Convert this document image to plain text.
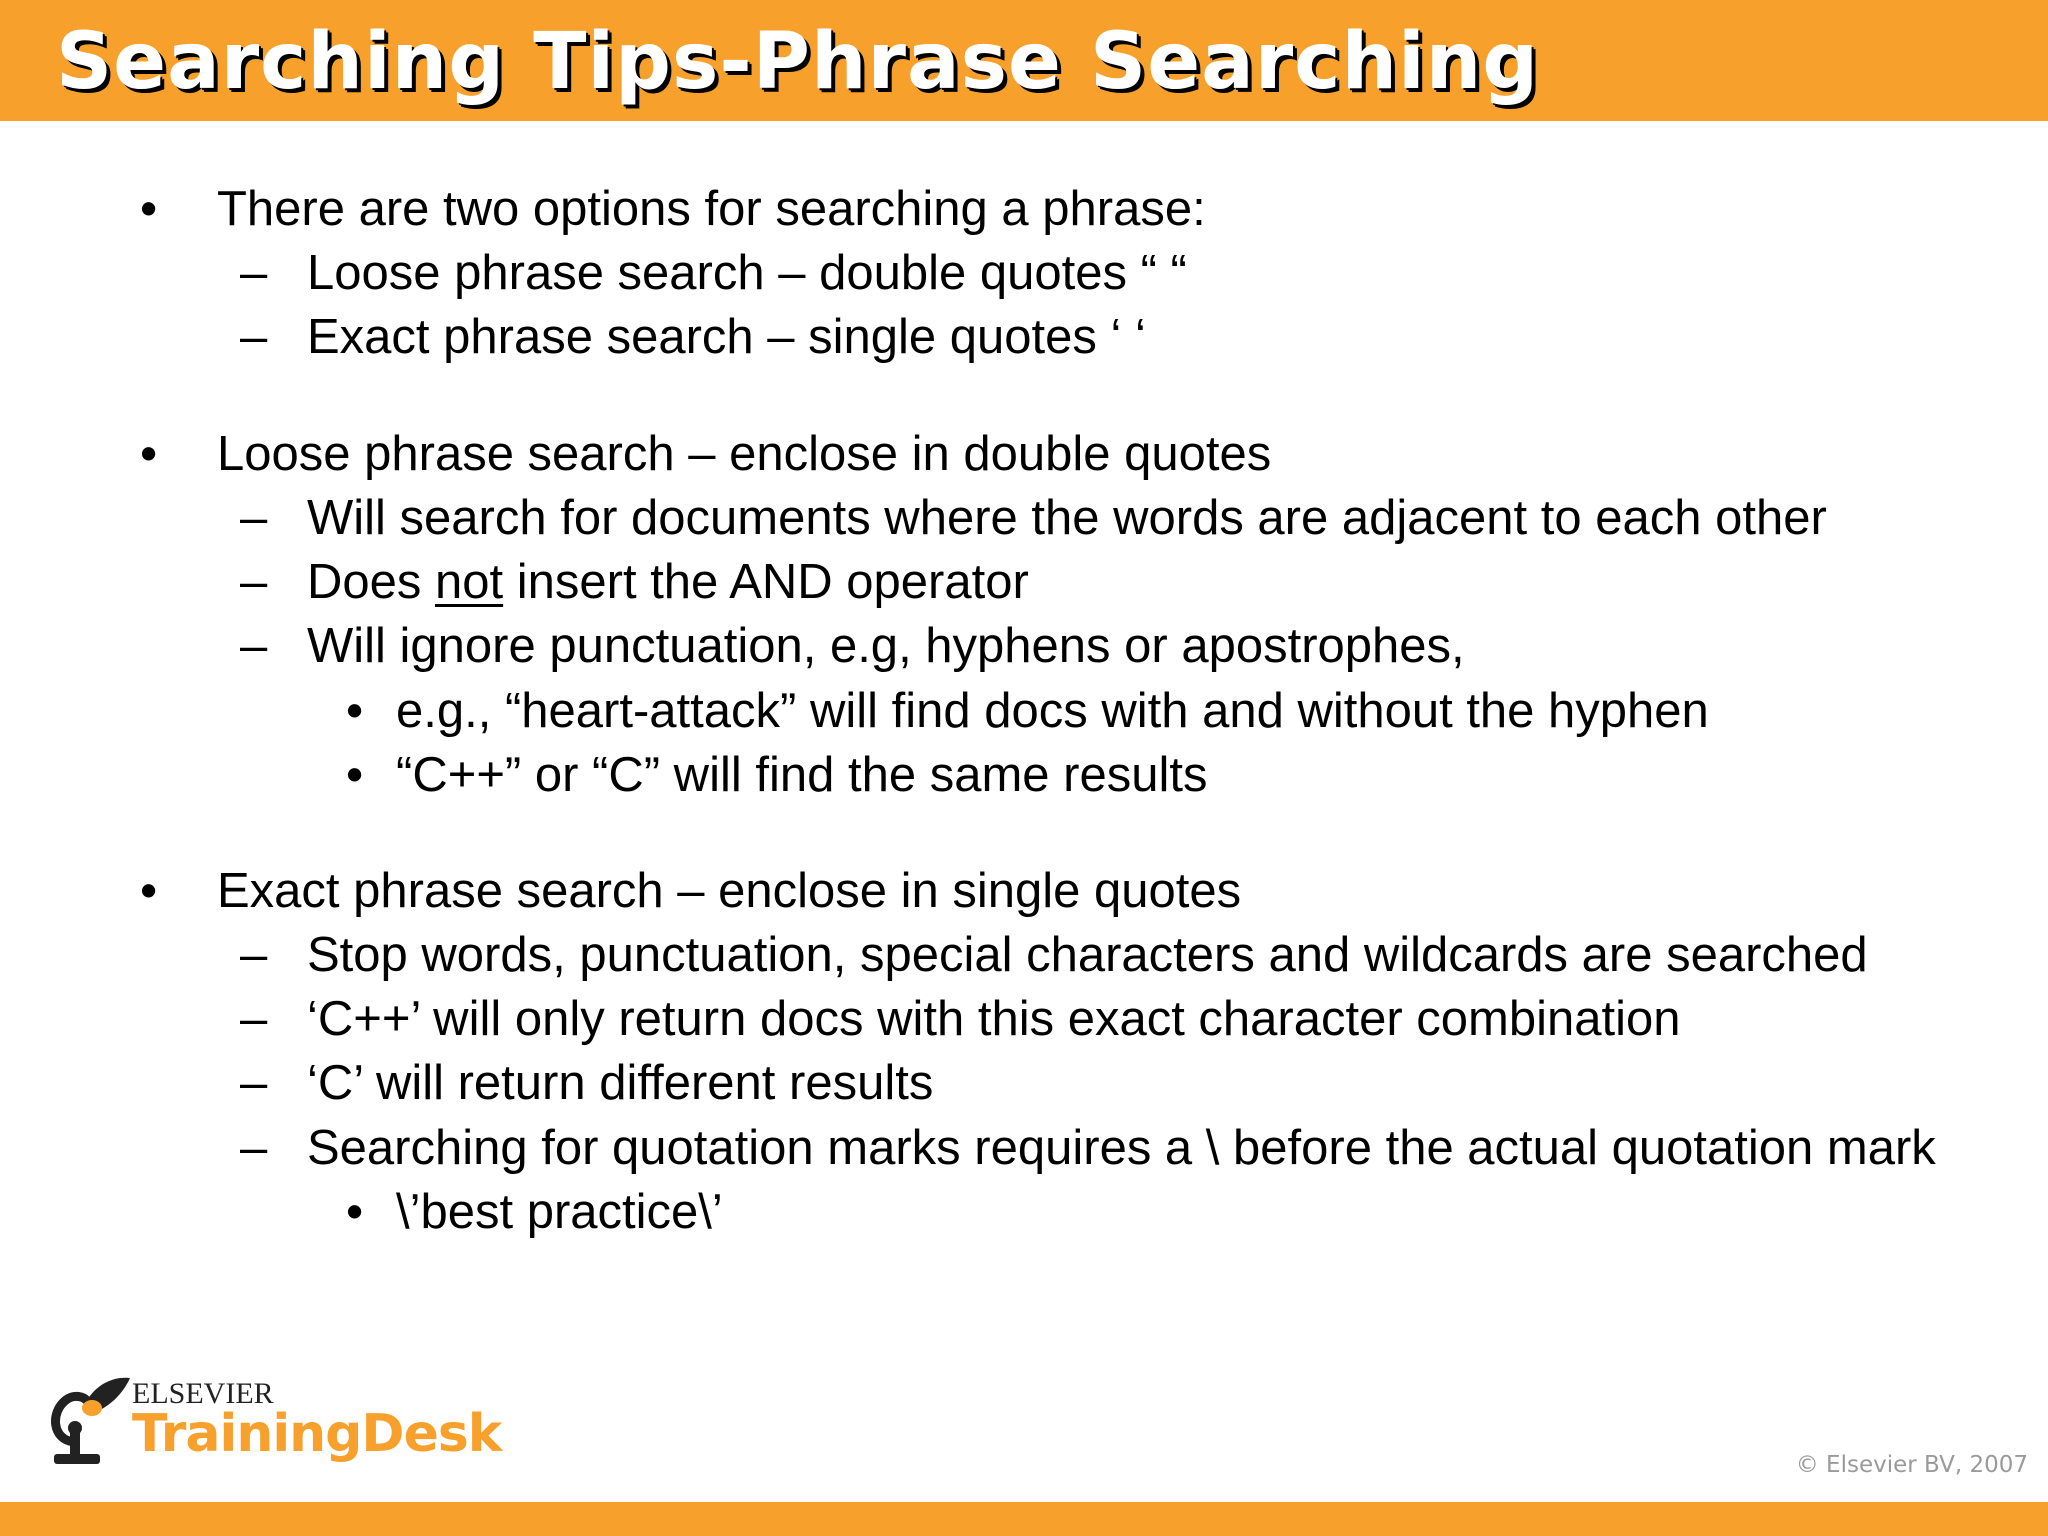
Searching Tips-Phrase Searching
• There are two options for searching a phrase:
– Loose phrase search – double quotes “ “
– Exact phrase search – single quotes ‘ ‘
• Loose phrase search – enclose in double quotes
– Will search for documents where the words are adjacent to each other
– Does not insert the AND operator
– Will ignore punctuation, e.g, hyphens or apostrophes,
• e.g., “heart-attack” will find docs with and without the hyphen
• “C++” or “C” will find the same results
• Exact phrase search – enclose in single quotes
– Stop words, punctuation, special characters and wildcards are searched
– ‘C++’ will only return docs with this exact character combination
– ‘C’ will return different results
– Searching for quotation marks requires a \ before the actual quotation mark
• \’best practice\’
ELSEVIER
TrainingDesk
© Elsevier BV, 2007
